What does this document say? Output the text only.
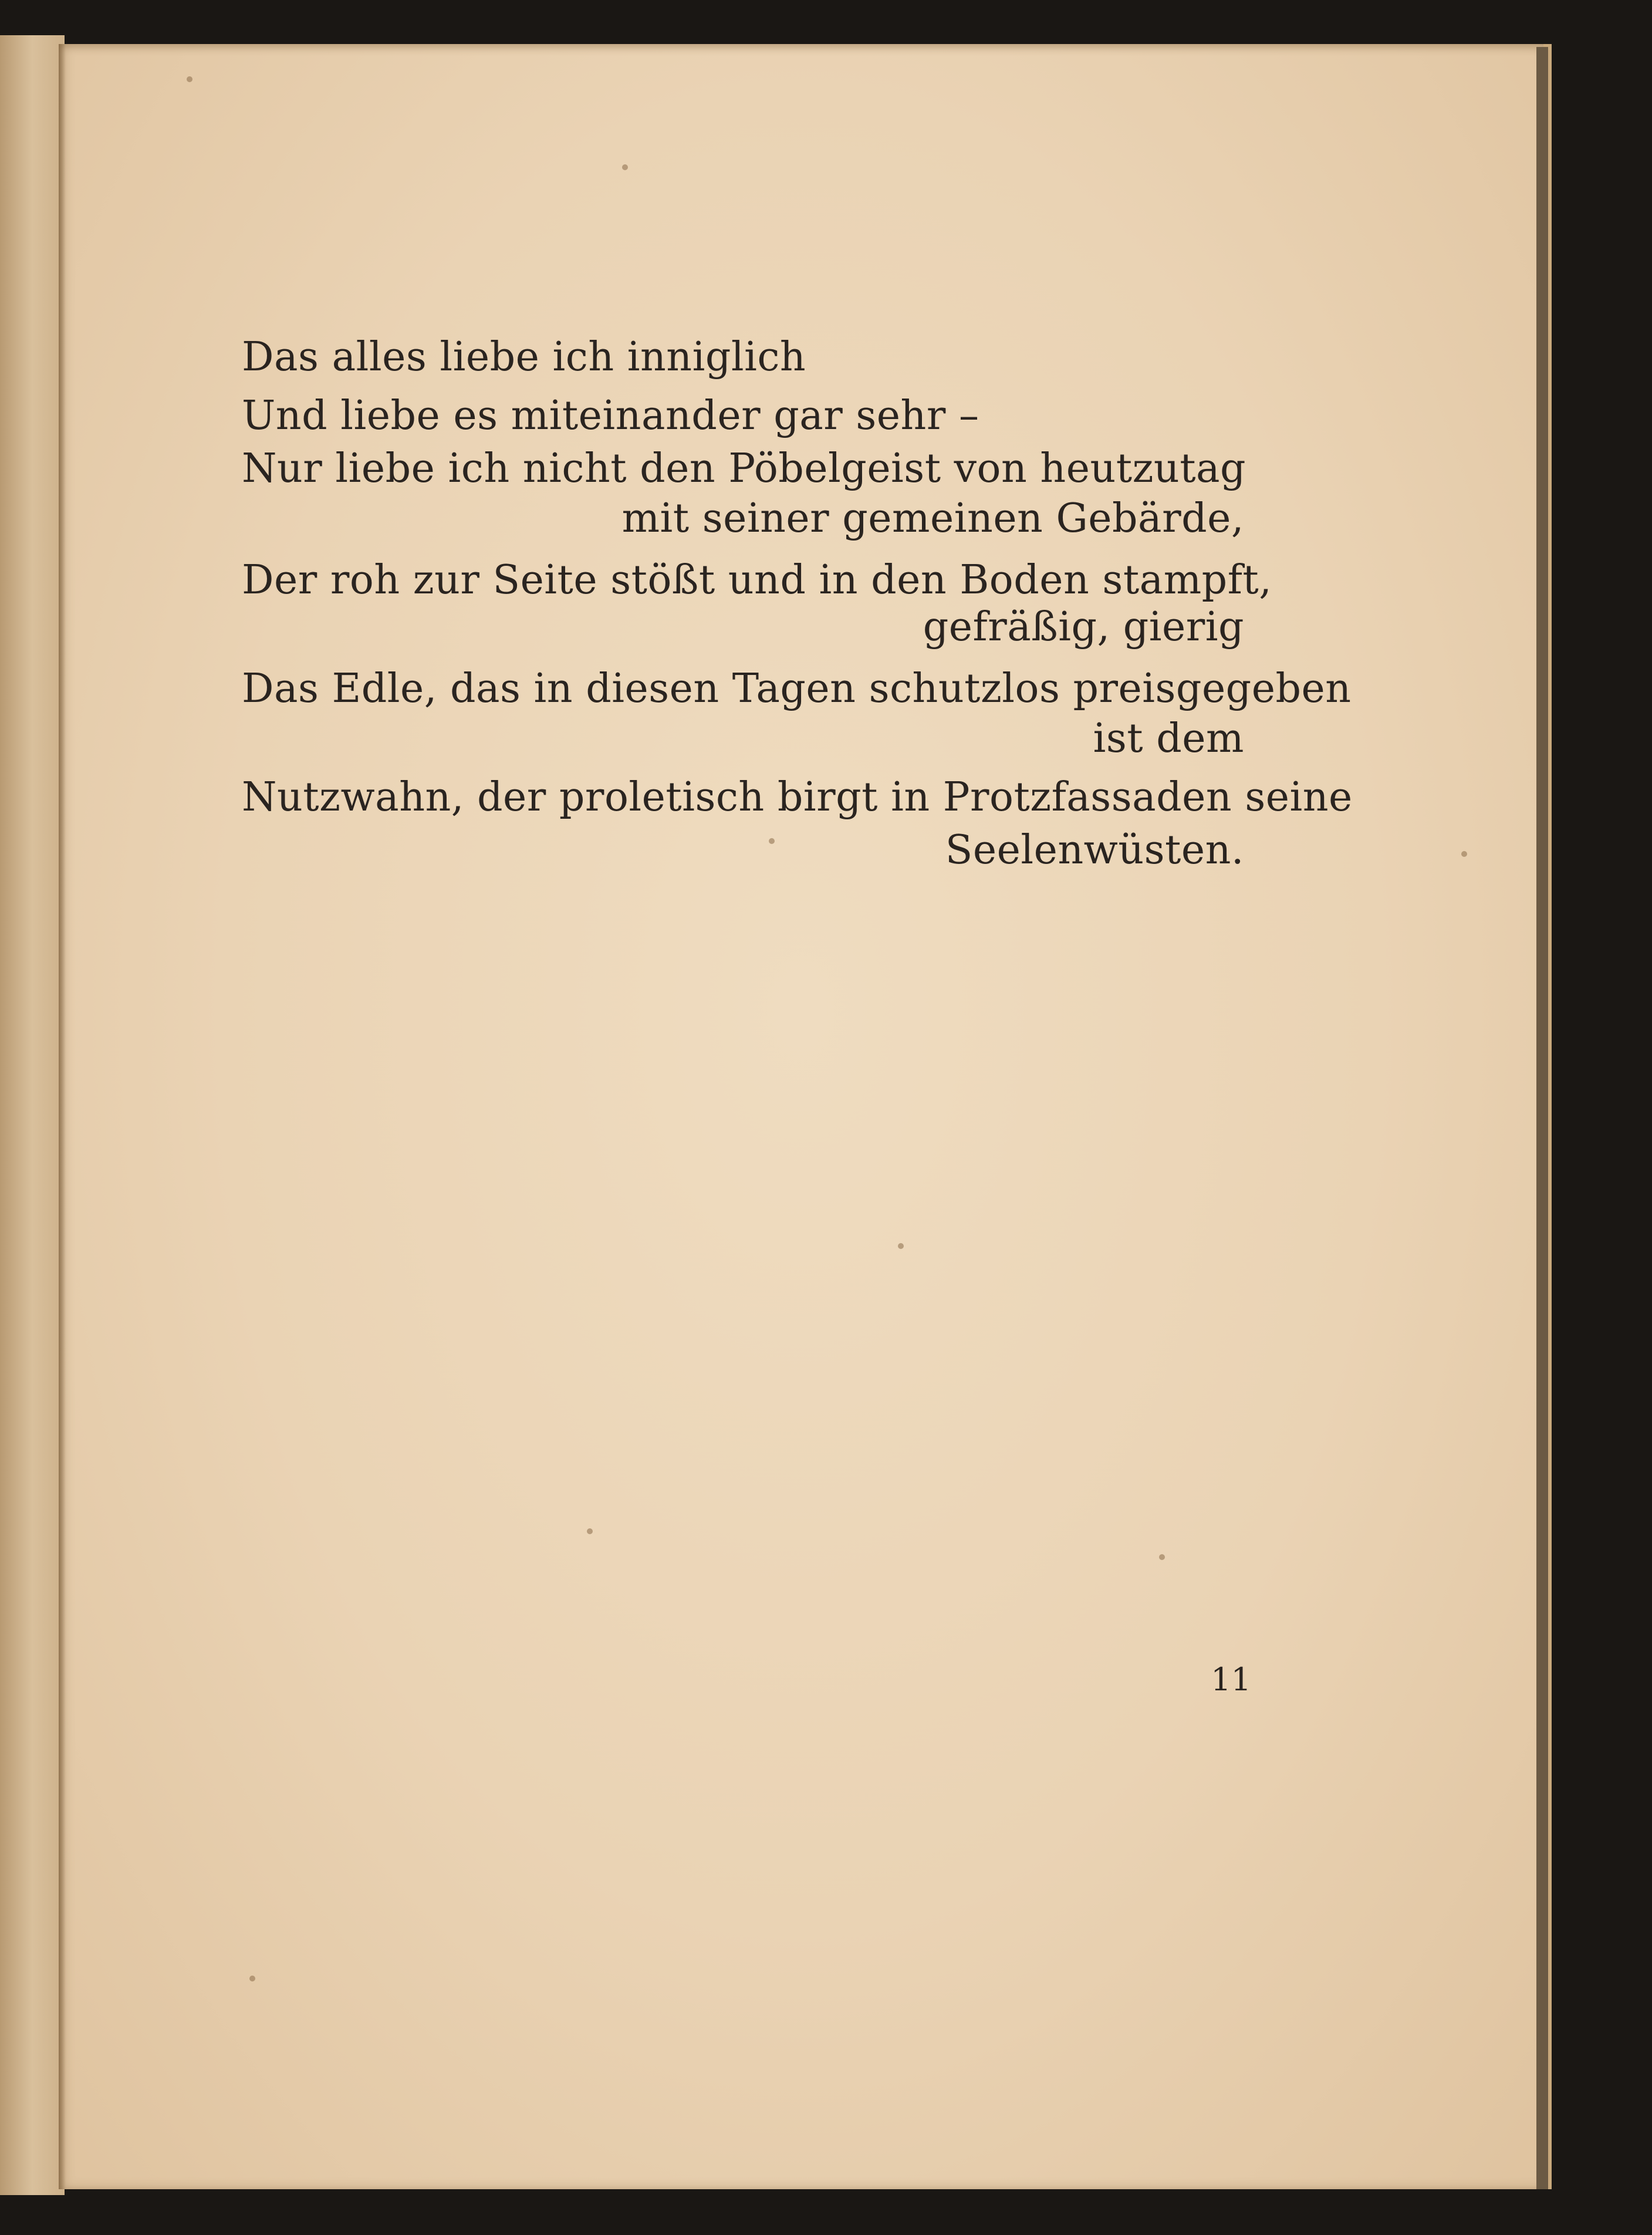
Das alles liebe ich inniglich
Und liebe es miteinander gar sehr –
Nur liebe ich nicht den Pöbelgeist von heutzutag
mit seiner gemeinen Gebärde,
Der roh zur Seite stößt und in den Boden stampft,
gefräßig, gierig
Das Edle, das in diesen Tagen schutzlos preisgegeben
ist dem
Nutzwahn, der proletisch birgt in Protzfassaden seine
Seelenwüsten.
11
